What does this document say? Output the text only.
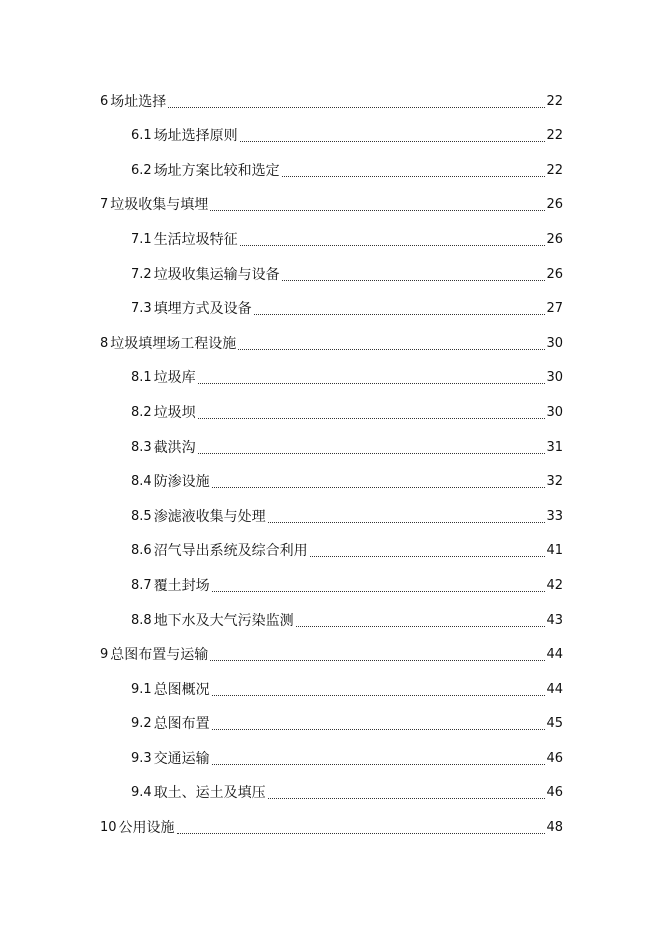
6 场址选择	22
6.1 场址选择原则	22
6.2 场址方案比较和选定	22
7 垃圾收集与填埋	26
7.1 生活垃圾特征	26
7.2 垃圾收集运输与设备	26
7.3 填埋方式及设备	27
8 垃圾填埋场工程设施	30
8.1 垃圾库	30
8.2 垃圾坝	30
8.3 截洪沟	31
8.4 防渗设施	32
8.5 渗滤液收集与处理	33
8.6 沼气导出系统及综合利用	41
8.7 覆土封场	42
8.8 地下水及大气污染监测	43
9 总图布置与运输	44
9.1 总图概况	44
9.2 总图布置	45
9.3 交通运输	46
9.4 取土、运土及填压	46
10 公用设施	48
